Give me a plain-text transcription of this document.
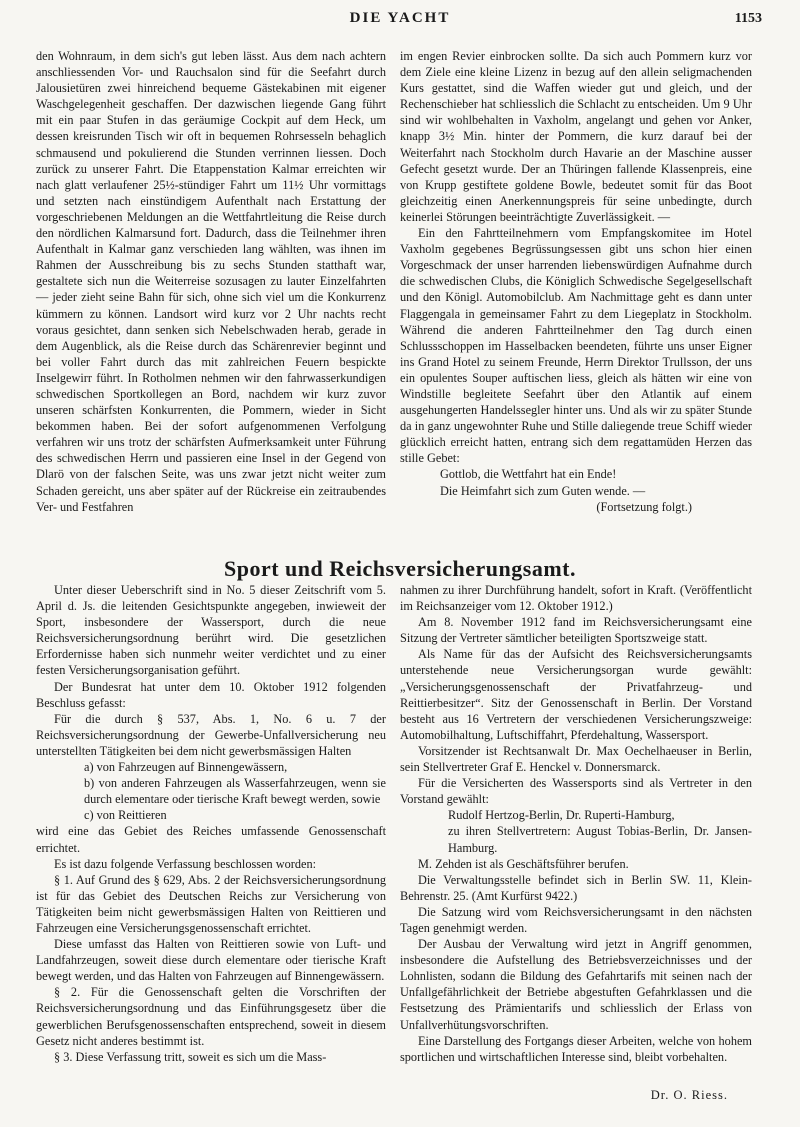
DIE YACHT	1153

den Wohnraum, in dem sich's gut leben lässt. Aus dem nach achtern anschliessenden Vor- und Rauchsalon sind für die Seefahrt durch Jalousietüren zwei hinreichend bequeme Gästekabinen mit eigener Waschgelegenheit geschaffen. Der dazwischen liegende Gang führt mit ein paar Stufen in das geräumige Cockpit auf dem Heck, um dessen kreisrunden Tisch wir oft in bequemen Rohrsesseln behaglich schmausend und pokulierend die Stunden verrinnen liessen. Doch zurück zu unserer Fahrt. Die Etappenstation Kalmar erreichten wir nach glatt verlaufener 25½-stündiger Fahrt um 11½ Uhr vormittags und setzten nach einstündigem Aufenthalt nach Erstattung der vorgeschriebenen Meldungen an die Wettfahrtleitung die Reise durch den nördlichen Kalmarsund fort. Dadurch, dass die Teilnehmer ihren Aufenthalt in Kalmar ganz verschieden lang wählten, was ihnen im Rahmen der Ausschreibung bis zu sechs Stunden statthaft war, gestaltete sich nun die Weiterreise sozusagen zu lauter Einzelfahrten — jeder zieht seine Bahn für sich, ohne sich viel um die Konkurrenz kümmern zu können. Landsort wird kurz vor 2 Uhr nachts recht voraus gesichtet, dann senken sich Nebelschwaden herab, gerade in dem Augenblick, als die Reise durch das Schärenrevier beginnt und bei voller Fahrt durch das mit zahlreichen Feuern bespickte Inselgewirr führt. In Rotholmen nehmen wir den fahrwasserkundigen schwedischen Sportkollegen an Bord, nachdem wir kurz zuvor unseren schärfsten Konkurrenten, die Pommern, wieder in Sicht bekommen haben. Bei der sofort aufgenommenen Verfolgung verfahren wir uns trotz der schärfsten Aufmerksamkeit unter Führung des schwedischen Herrn und passieren eine Insel in der Gegend von Dlarö von der falschen Seite, was uns zwar jetzt nicht weiter zum Schaden gereicht, uns aber später auf der Rückreise ein zeitraubendes Ver- und Festfahren

im engen Revier einbrocken sollte. Da sich auch Pommern kurz vor dem Ziele eine kleine Lizenz in bezug auf den allein seligmachenden Kurs gestattet, sind die Waffen wieder gut und gleich, und der Rechenschieber hat schliesslich die Schlacht zu entscheiden. Um 9 Uhr sind wir wohlbehalten in Vaxholm, angelangt und gehen vor Anker, knapp 3½ Min. hinter der Pommern, die kurz darauf bei der Weiterfahrt nach Stockholm durch Havarie an der Maschine ausser Gefecht gesetzt wurde. Der an Thüringen fallende Klassenpreis, eine von Krupp gestiftete goldene Bowle, bedeutet somit für das Boot gleichzeitig einen Anerkennungspreis für seine unbedingte, durch keinerlei Störungen beeinträchtigte Zuverlässigkeit. —

Ein den Fahrtteilnehmern vom Empfangskomitee im Hotel Vaxholm gegebenes Begrüssungsessen gibt uns schon hier einen Vorgeschmack der unser harrenden liebenswürdigen Aufnahme durch die schwedischen Clubs, die Königlich Schwedische Segelgesellschaft und den Königl. Automobilclub. Am Nachmittage geht es dann unter Flaggengala in gemeinsamer Fahrt zu dem Liegeplatz in Stockholm. Während die anderen Fahrtteilnehmer den Tag durch einen Schlussschoppen im Hasselbacken beendeten, führte uns unser Eigner ins Grand Hotel zu seinem Freunde, Herrn Direktor Trullsson, der uns ein opulentes Souper auftischen liess, gleich als hätten wir eine von Windstille begleitete Seefahrt über den Atlantik auf einem ausgehungerten Handelssegler hinter uns. Und als wir zu später Stunde da in ganz ungewohnter Ruhe und Stille daliegende treue Schiff wieder glücklich erreicht hatten, entrang sich dem regattamüden Herzen das stille Gebet:

Gottlob, die Wettfahrt hat ein Ende!

Die Heimfahrt sich zum Guten wende. —

(Fortsetzung folgt.)

Sport und Reichsversicherungsamt.

Unter dieser Ueberschrift sind in No. 5 dieser Zeitschrift vom 5. April d. Js. die leitenden Gesichtspunkte angegeben, inwieweit der Sport, insbesondere der Wassersport, durch die neue Reichsversicherungsordnung berührt wird. Die gesetzlichen Erfordernisse haben sich nunmehr weiter verdichtet und zu einer festen Versicherungsorganisation geführt.

Der Bundesrat hat unter dem 10. Oktober 1912 folgenden Beschluss gefasst:

Für die durch § 537, Abs. 1, No. 6 u. 7 der Reichsversicherungsordnung der Gewerbe-Unfallversicherung neu unterstellten Tätigkeiten bei dem nicht gewerbsmässigen Halten

a) von Fahrzeugen auf Binnengewässern,

b) von anderen Fahrzeugen als Wasserfahrzeugen, wenn sie durch elementare oder tierische Kraft bewegt werden, sowie

c) von Reittieren

wird eine das Gebiet des Reiches umfassende Genossenschaft errichtet.

Es ist dazu folgende Verfassung beschlossen worden:

§ 1. Auf Grund des § 629, Abs. 2 der Reichsversicherungsordnung ist für das Gebiet des Deutschen Reichs zur Versicherung von Tätigkeiten beim nicht gewerbsmässigen Halten von Reittieren und Fahrzeugen eine Versicherungsgenossenschaft errichtet.

Diese umfasst das Halten von Reittieren sowie von Luft- und Landfahrzeugen, soweit diese durch elementare oder tierische Kraft bewegt werden, und das Halten von Fahrzeugen auf Binnengewässern.

§ 2. Für die Genossenschaft gelten die Vorschriften der Reichsversicherungsordnung und das Einführungsgesetz über die gewerblichen Berufsgenossenschaften entsprechend, soweit in diesem Gesetz nicht anderes bestimmt ist.

§ 3. Diese Verfassung tritt, soweit es sich um die Mass-

nahmen zu ihrer Durchführung handelt, sofort in Kraft. (Veröffentlicht im Reichsanzeiger vom 12. Oktober 1912.)

Am 8. November 1912 fand im Reichsversicherungsamt eine Sitzung der Vertreter sämtlicher beteiligten Sportszweige statt.

Als Name für das der Aufsicht des Reichsversicherungsamts unterstehende neue Versicherungsorgan wurde gewählt: „Versicherungsgenossenschaft der Privatfahrzeug- und Reittierbesitzer“. Sitz der Genossenschaft in Berlin. Der Vorstand besteht aus 16 Vertretern der verschiedenen Versicherungszweige: Automobilhaltung, Luftschiffahrt, Pferdehaltung, Wassersport.

Vorsitzender ist Rechtsanwalt Dr. Max Oechelhaeuser in Berlin, sein Stellvertreter Graf E. Henckel v. Donnersmarck.

Für die Versicherten des Wassersports sind als Vertreter in den Vorstand gewählt:

Rudolf Hertzog-Berlin, Dr. Ruperti-Hamburg,

zu ihren Stellvertretern: August Tobias-Berlin, Dr. Jansen-Hamburg.

M. Zehden ist als Geschäftsführer berufen.

Die Verwaltungsstelle befindet sich in Berlin SW. 11, Klein-Behrenstr. 25. (Amt Kurfürst 9422.)

Die Satzung wird vom Reichsversicherungsamt in den nächsten Tagen genehmigt werden.

Der Ausbau der Verwaltung wird jetzt in Angriff genommen, insbesondere die Aufstellung des Betriebsverzeichnisses und der Lohnlisten, sodann die Bildung des Gefahrtarifs mit seinen nach der Unfallgefährlichkeit der Betriebe abgestuften Gefahrklassen und die Festsetzung des Prämientarifs und schliesslich der Erlass von Unfallverhütungsvorschriften.

Eine Darstellung des Fortgangs dieser Arbeiten, welche von hohem sportlichen und wirtschaftlichen Interesse sind, bleibt vorbehalten.

Dr. O. Riess.
